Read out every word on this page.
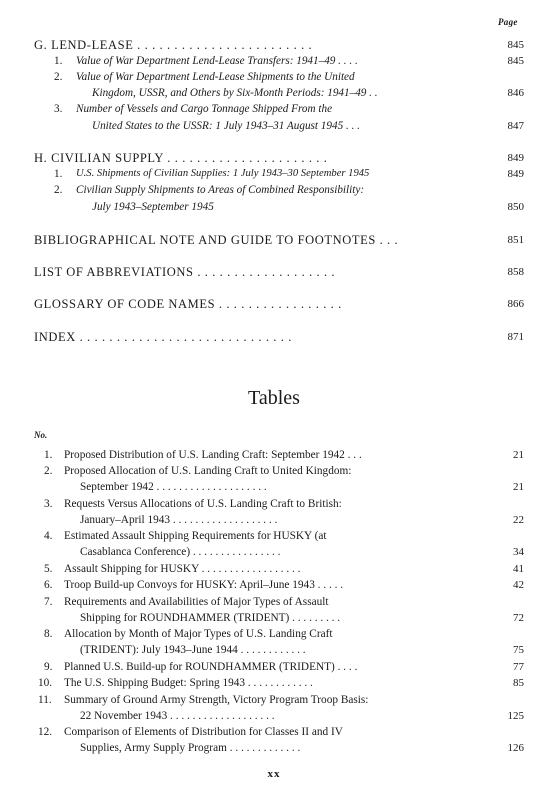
Page
G. LEND-LEASE . . . . . . . . . . . . . . . . . . . . . . . .	845
1. Value of War Department Lend-Lease Transfers: 1941–49 . . . .	845
2. Value of War Department Lend-Lease Shipments to the United
Kingdom, USSR, and Others by Six-Month Periods: 1941–49 . .	846
3. Number of Vessels and Cargo Tonnage Shipped From the
United States to the USSR: 1 July 1943–31 August 1945 . . .	847
H. CIVILIAN SUPPLY . . . . . . . . . . . . . . . . . . . . . .	849
1. U.S. Shipments of Civilian Supplies: 1 July 1943–30 September 1945	849
2. Civilian Supply Shipments to Areas of Combined Responsibility:
July 1943–September 1945	850
BIBLIOGRAPHICAL NOTE AND GUIDE TO FOOTNOTES . . .	851
LIST OF ABBREVIATIONS . . . . . . . . . . . . . . . . . . .	858
GLOSSARY OF CODE NAMES . . . . . . . . . . . . . . . . .	866
INDEX . . . . . . . . . . . . . . . . . . . . . . . . . . . . .	871
Tables
No.
1. Proposed Distribution of U.S. Landing Craft: September 1942 . . .	21
2. Proposed Allocation of U.S. Landing Craft to United Kingdom:
September 1942 . . . . . . . . . . . . . . . . . . . .	21
3. Requests Versus Allocations of U.S. Landing Craft to British:
January–April 1943 . . . . . . . . . . . . . . . . . . .	22
4. Estimated Assault Shipping Requirements for HUSKY (at
Casablanca Conference) . . . . . . . . . . . . . . . .	34
5. Assault Shipping for HUSKY . . . . . . . . . . . . . . . . . .	41
6. Troop Build-up Convoys for HUSKY: April–June 1943 . . . . .	42
7. Requirements and Availabilities of Major Types of Assault
Shipping for ROUNDHAMMER (TRIDENT) . . . . . . . . .	72
8. Allocation by Month of Major Types of U.S. Landing Craft
(TRIDENT): July 1943–June 1944 . . . . . . . . . . . .	75
9. Planned U.S. Build-up for ROUNDHAMMER (TRIDENT) . . . .	77
10. The U.S. Shipping Budget: Spring 1943 . . . . . . . . . . . .	85
11. Summary of Ground Army Strength, Victory Program Troop Basis:
22 November 1943 . . . . . . . . . . . . . . . . . . .	125
12. Comparison of Elements of Distribution for Classes II and IV
Supplies, Army Supply Program . . . . . . . . . . . . .	126
xx
